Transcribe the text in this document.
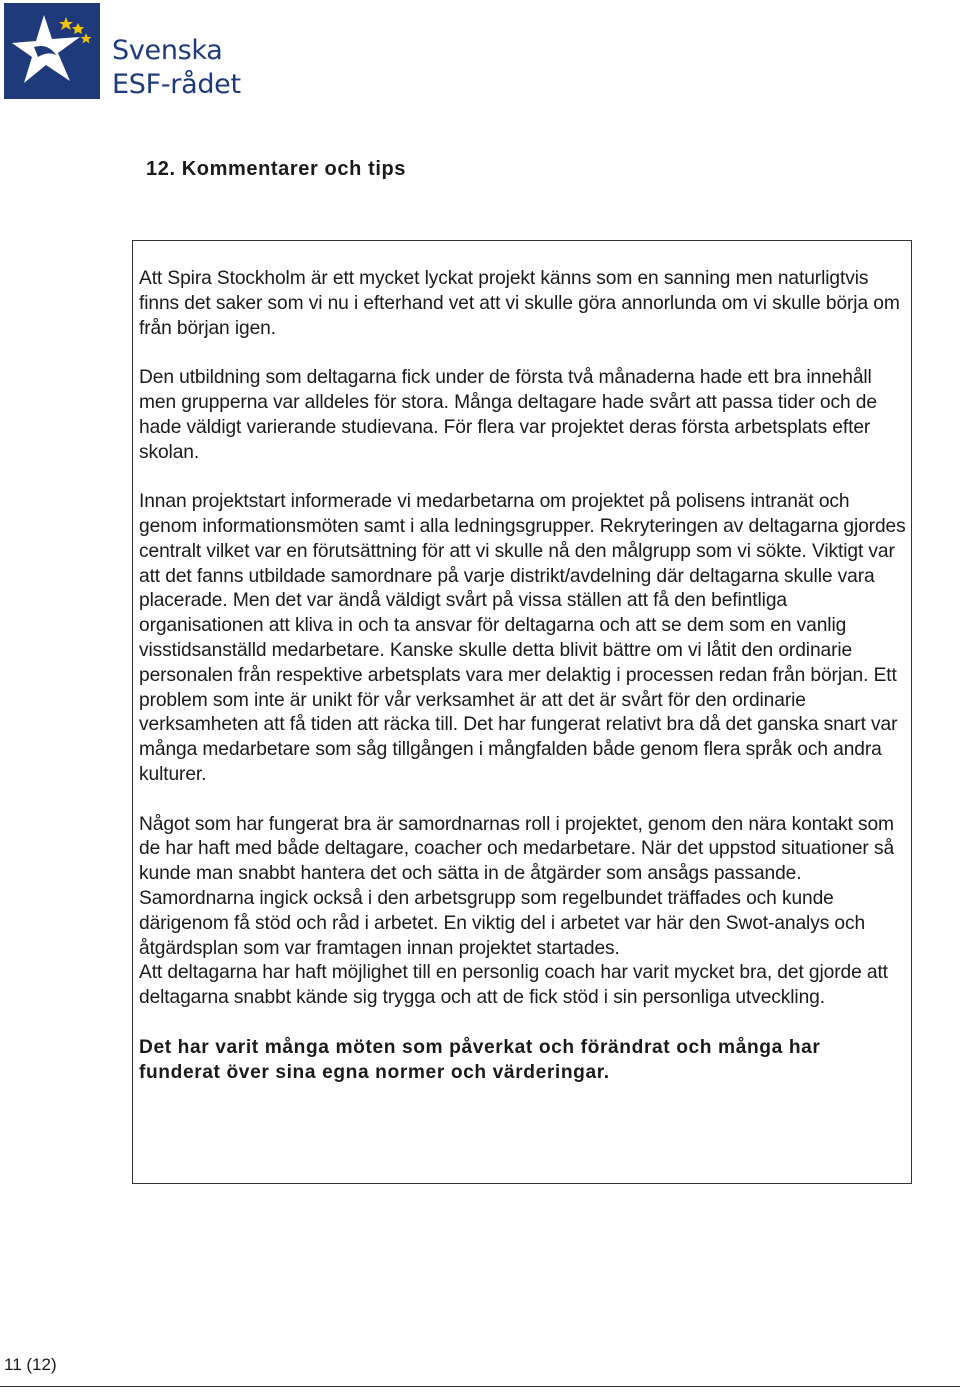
Svenska
ESF-rådet
12. Kommentarer och tips

Att Spira Stockholm är ett mycket lyckat projekt känns som en sanning men naturligtvis finns det saker som vi nu i efterhand vet att vi skulle göra annorlunda om vi skulle börja om från början igen.

Den utbildning som deltagarna fick under de första två månaderna hade ett bra innehåll men grupperna var alldeles för stora. Många deltagare hade svårt att passa tider och de hade väldigt varierande studievana. För flera var projektet deras första arbetsplats efter skolan.

Innan projektstart informerade vi medarbetarna om projektet på polisens intranät och genom informationsmöten samt i alla ledningsgrupper. Rekryteringen av deltagarna gjordes centralt vilket var en förutsättning för att vi skulle nå den målgrupp som vi sökte. Viktigt var att det fanns utbildade samordnare på varje distrikt/avdelning där deltagarna skulle vara placerade. Men det var ändå väldigt svårt på vissa ställen att få den befintliga organisationen att kliva in och ta ansvar för deltagarna och att se dem som en vanlig visstidsanställd medarbetare. Kanske skulle detta blivit bättre om vi låtit den ordinarie personalen från respektive arbetsplats vara mer delaktig i processen redan från början. Ett problem som inte är unikt för vår verksamhet är att det är svårt för den ordinarie verksamheten att få tiden att räcka till. Det har fungerat relativt bra då det ganska snart var många medarbetare som såg tillgången i mångfalden både genom flera språk och andra kulturer.

Något som har fungerat bra är samordnarnas roll i projektet, genom den nära kontakt som de har haft med både deltagare, coacher och medarbetare. När det uppstod situationer så kunde man snabbt hantera det och sätta in de åtgärder som ansågs passande. Samordnarna ingick också i den arbetsgrupp som regelbundet träffades och kunde därigenom få stöd och råd i arbetet. En viktig del i arbetet var här den Swot-analys och åtgärdsplan som var framtagen innan projektet startades.

Att deltagarna har haft möjlighet till en personlig coach har varit mycket bra, det gjorde att deltagarna snabbt kände sig trygga och att de fick stöd i sin personliga utveckling.

Det har varit många möten som påverkat och förändrat och många har funderat över sina egna normer och värderingar.

11 (12)
